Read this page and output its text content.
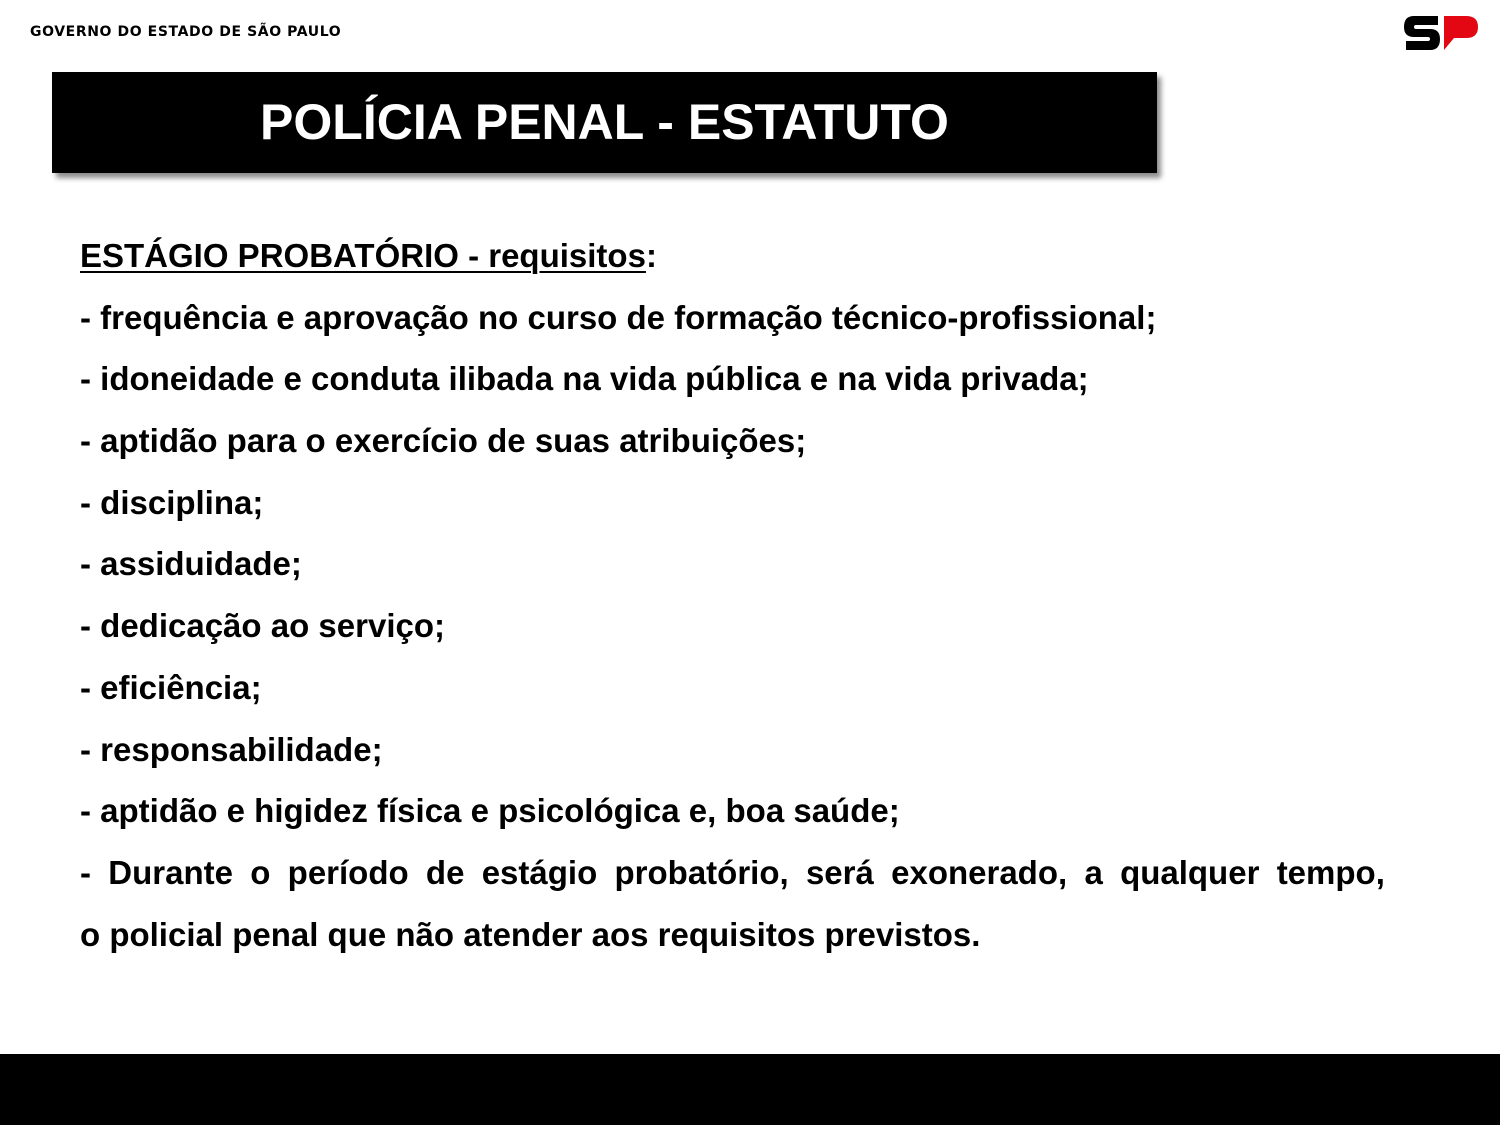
GOVERNO DO ESTADO DE SÃO PAULO
POLÍCIA PENAL - ESTATUTO
ESTÁGIO PROBATÓRIO - requisitos:
- frequência e aprovação no curso de formação técnico-profissional;
- idoneidade e conduta ilibada na vida pública e na vida privada;
- aptidão para o exercício de suas atribuições;
- disciplina;
- assiduidade;
- dedicação ao serviço;
- eficiência;
- responsabilidade;
- aptidão e higidez física e psicológica e, boa saúde;
- Durante o período de estágio probatório, será exonerado, a qualquer tempo,
o policial penal que não atender aos requisitos previstos.
